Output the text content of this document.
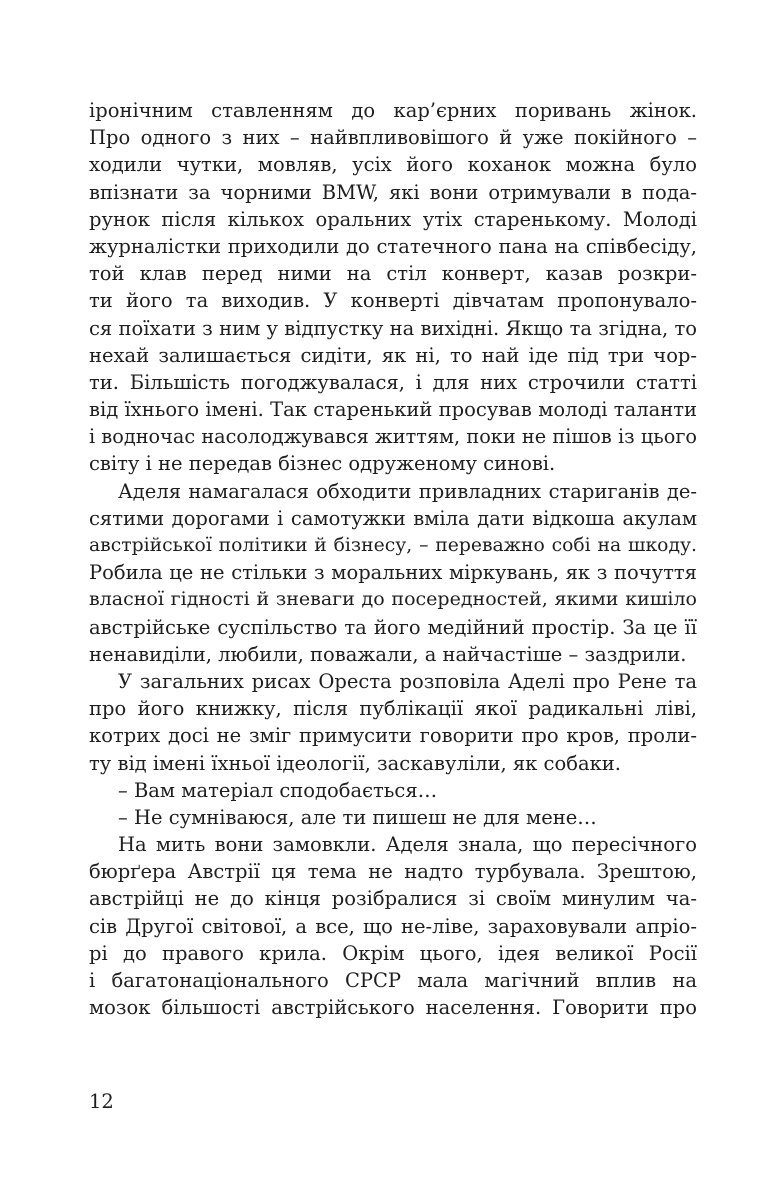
іронічним ставленням до кар’єрних поривань жінок.
Про одного з них – найвпливовішого й уже покійного –
ходили чутки, мовляв, усіх його коханок можна було
впізнати за чорними BMW, які вони отримували в пода-
рунок після кількох оральних утіх старенькому. Молоді
журналістки приходили до статечного пана на співбесіду,
той клав перед ними на стіл конверт, казав розкри-
ти його та виходив. У конверті дівчатам пропонувало-
ся поїхати з ним у відпустку на вихідні. Якщо та згідна, то
нехай залишається сидіти, як ні, то най іде під три чор-
ти. Більшість погоджувалася, і для них строчили статті
від їхнього імені. Так старенький просував молоді таланти
і водночас насолоджувався життям, поки не пішов із цього
світу і не передав бізнес одруженому синові.
Аделя намагалася обходити привладних стариганів де-
сятими дорогами і самотужки вміла дати відкоша акулам
австрійської політики й бізнесу, – переважно собі на шкоду.
Робила це не стільки з моральних міркувань, як з почуття
власної гідності й зневаги до посередностей, якими кишіло
австрійське суспільство та його медійний простір. За це її
ненавиділи, любили, поважали, а найчастіше – заздрили.
У загальних рисах Ореста розповіла Аделі про Рене та
про його книжку, після публікації якої радикальні ліві,
котрих досі не зміг примусити говорити про кров, проли-
ту від імені їхньої ідеології, заскавуліли, як собаки.
– Вам матеріал сподобається…
– Не сумніваюся, але ти пишеш не для мене…
На мить вони замовкли. Аделя знала, що пересічного
бюрґера Австрії ця тема не надто турбувала. Зрештою,
австрійці не до кінця розібралися зі своїм минулим ча-
сів Другої світової, а все, що не-ліве, зараховували апріо-
рі до правого крила. Окрім цього, ідея великої Росії
і багатонаціонального СРСР мала магічний вплив на
мозок більшості австрійського населення. Говорити про
12
